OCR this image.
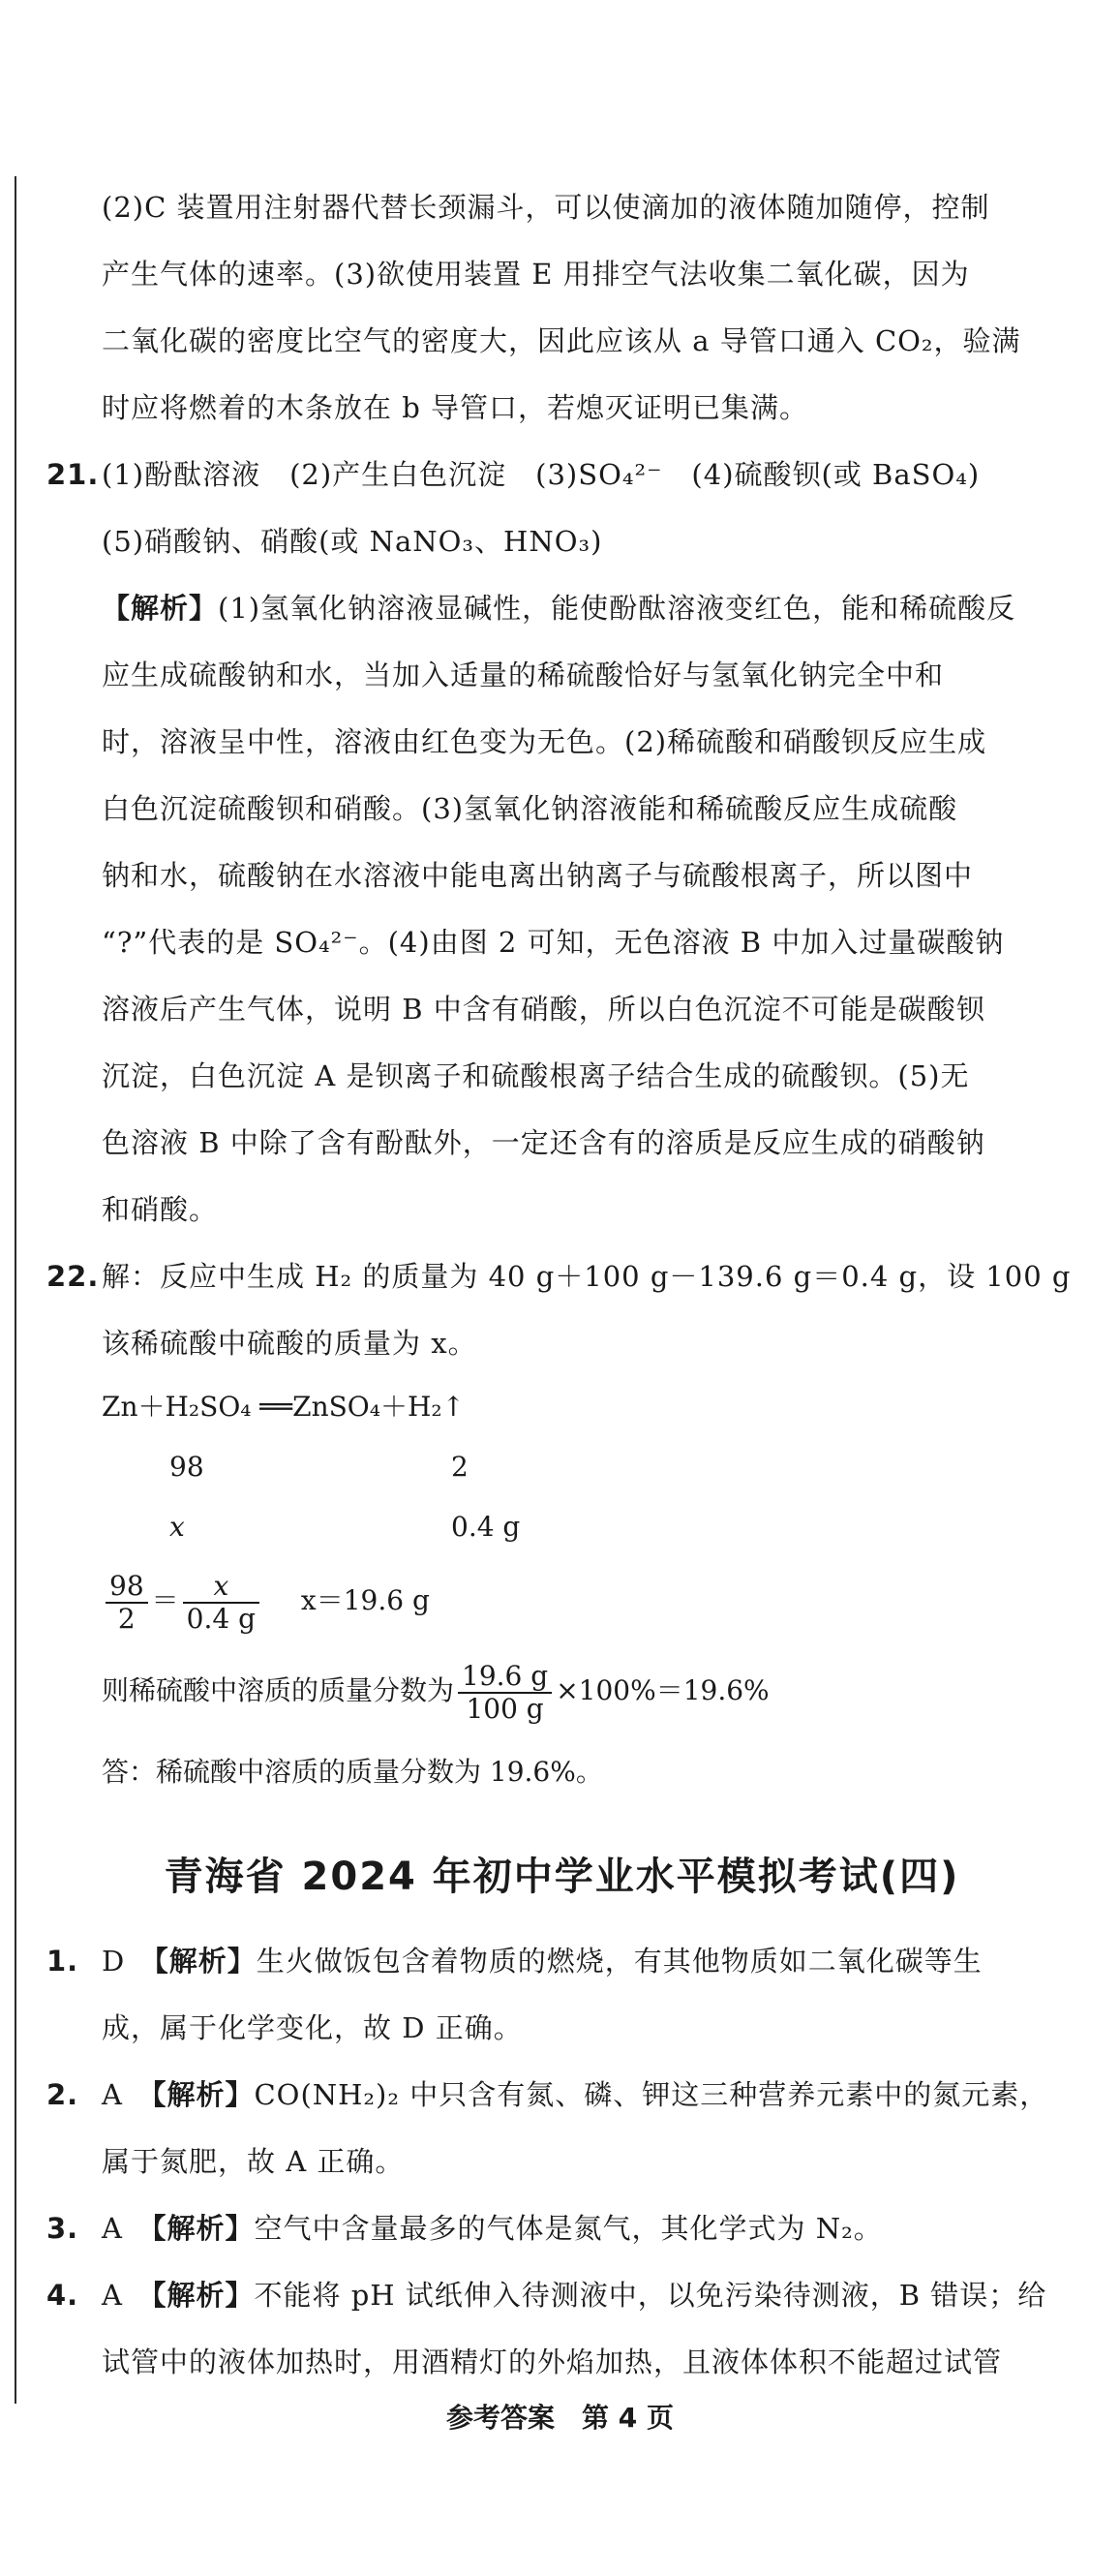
(2)C 装置用注射器代替长颈漏斗，可以使滴加的液体随加随停，控制

产生气体的速率。(3)欲使用装置 E 用排空气法收集二氧化碳，因为

二氧化碳的密度比空气的密度大，因此应该从 a 导管口通入 CO₂，验满

时应将燃着的木条放在 b 导管口，若熄灭证明已集满。

21.(1)酚酞溶液　(2)产生白色沉淀　(3)SO₄²⁻　(4)硫酸钡(或 BaSO₄)

(5)硝酸钠、硝酸(或 NaNO₃、HNO₃)

【解析】(1)氢氧化钠溶液显碱性，能使酚酞溶液变红色，能和稀硫酸反

应生成硫酸钠和水，当加入适量的稀硫酸恰好与氢氧化钠完全中和

时，溶液呈中性，溶液由红色变为无色。(2)稀硫酸和硝酸钡反应生成

白色沉淀硫酸钡和硝酸。(3)氢氧化钠溶液能和稀硫酸反应生成硫酸

钠和水，硫酸钠在水溶液中能电离出钠离子与硫酸根离子，所以图中

“?”代表的是 SO₄²⁻。(4)由图 2 可知，无色溶液 B 中加入过量碳酸钠

溶液后产生气体，说明 B 中含有硝酸，所以白色沉淀不可能是碳酸钡

沉淀，白色沉淀 A 是钡离子和硫酸根离子结合生成的硫酸钡。(5)无

色溶液 B 中除了含有酚酞外，一定还含有的溶质是反应生成的硝酸钠

和硝酸。

22.解：反应中生成 H₂ 的质量为 40 g＋100 g－139.6 g＝0.4 g，设 100 g

该稀硫酸中硫酸的质量为 x。

Zn＋H₂SO₄ ══ZnSO₄＋H₂↑

98	2

x	0.4 g

$\frac{98}{2} = \frac{x}{0.4 g} x=19.6$ g

则稀硫酸中溶质的质量分数为 $\frac{19.6 g}{100 g} \times 100\%=19.6\%$

答：稀硫酸中溶质的质量分数为 19.6%。

青海省 2024 年初中学业水平模拟考试(四)

1. D　 【解析】生火做饭包含着物质的燃烧，有其他物质如二氧化碳等生

成，属于化学变化，故 D 正确。

2. A　 【解析】CO(NH₂)₂ 中只含有氮、磷、钾这三种营养元素中的氮元素，

属于氮肥，故 A 正确。

3. A　 【解析】空气中含量最多的气体是氮气，其化学式为 N₂。

4. A　 【解析】不能将 pH 试纸伸入待测液中，以免污染待测液，B 错误；给

试管中的液体加热时，用酒精灯的外焰加热，且液体体积不能超过试管

参考答案　第 4 页
